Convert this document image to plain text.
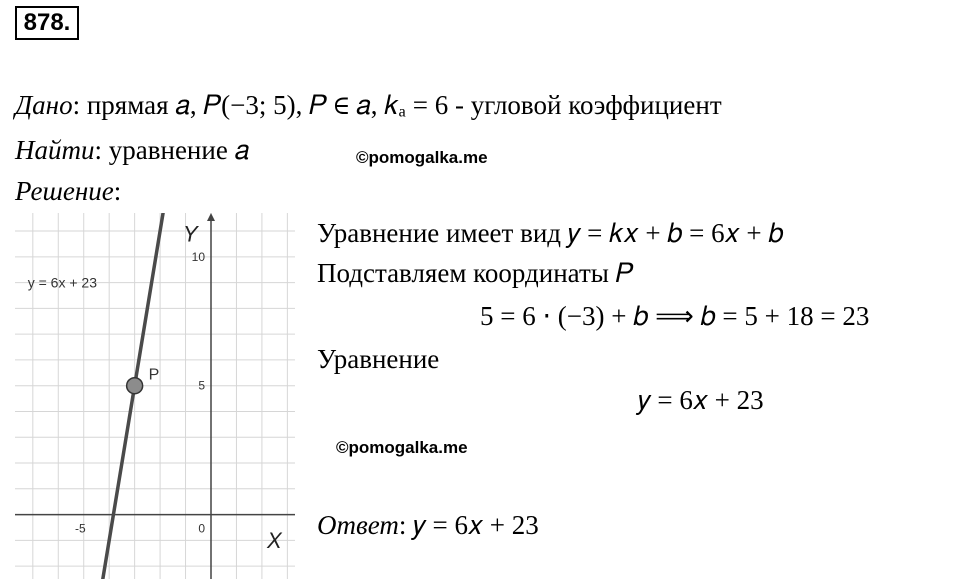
878.
Дано: прямая 𝑎, 𝑃(−3; 5), 𝑃 ∈ 𝑎, 𝑘ₐ = 6 - угловой коэффициент
Найти: уравнение 𝑎	©pomogalka.me
Решение:
10
5
0
-5
y = 6x + 23
P
X
Y	Уравнение имеет вид 𝑦 = 𝑘𝑥 + 𝑏 = 6𝑥 + 𝑏
Подставляем координаты 𝑃
5 = 6 ⋅ (−3) + 𝑏 ⟹ 𝑏 = 5 + 18 = 23
Уравнение
𝑦 = 6𝑥 + 23
©pomogalka.me
Ответ: 𝑦 = 6𝑥 + 23
